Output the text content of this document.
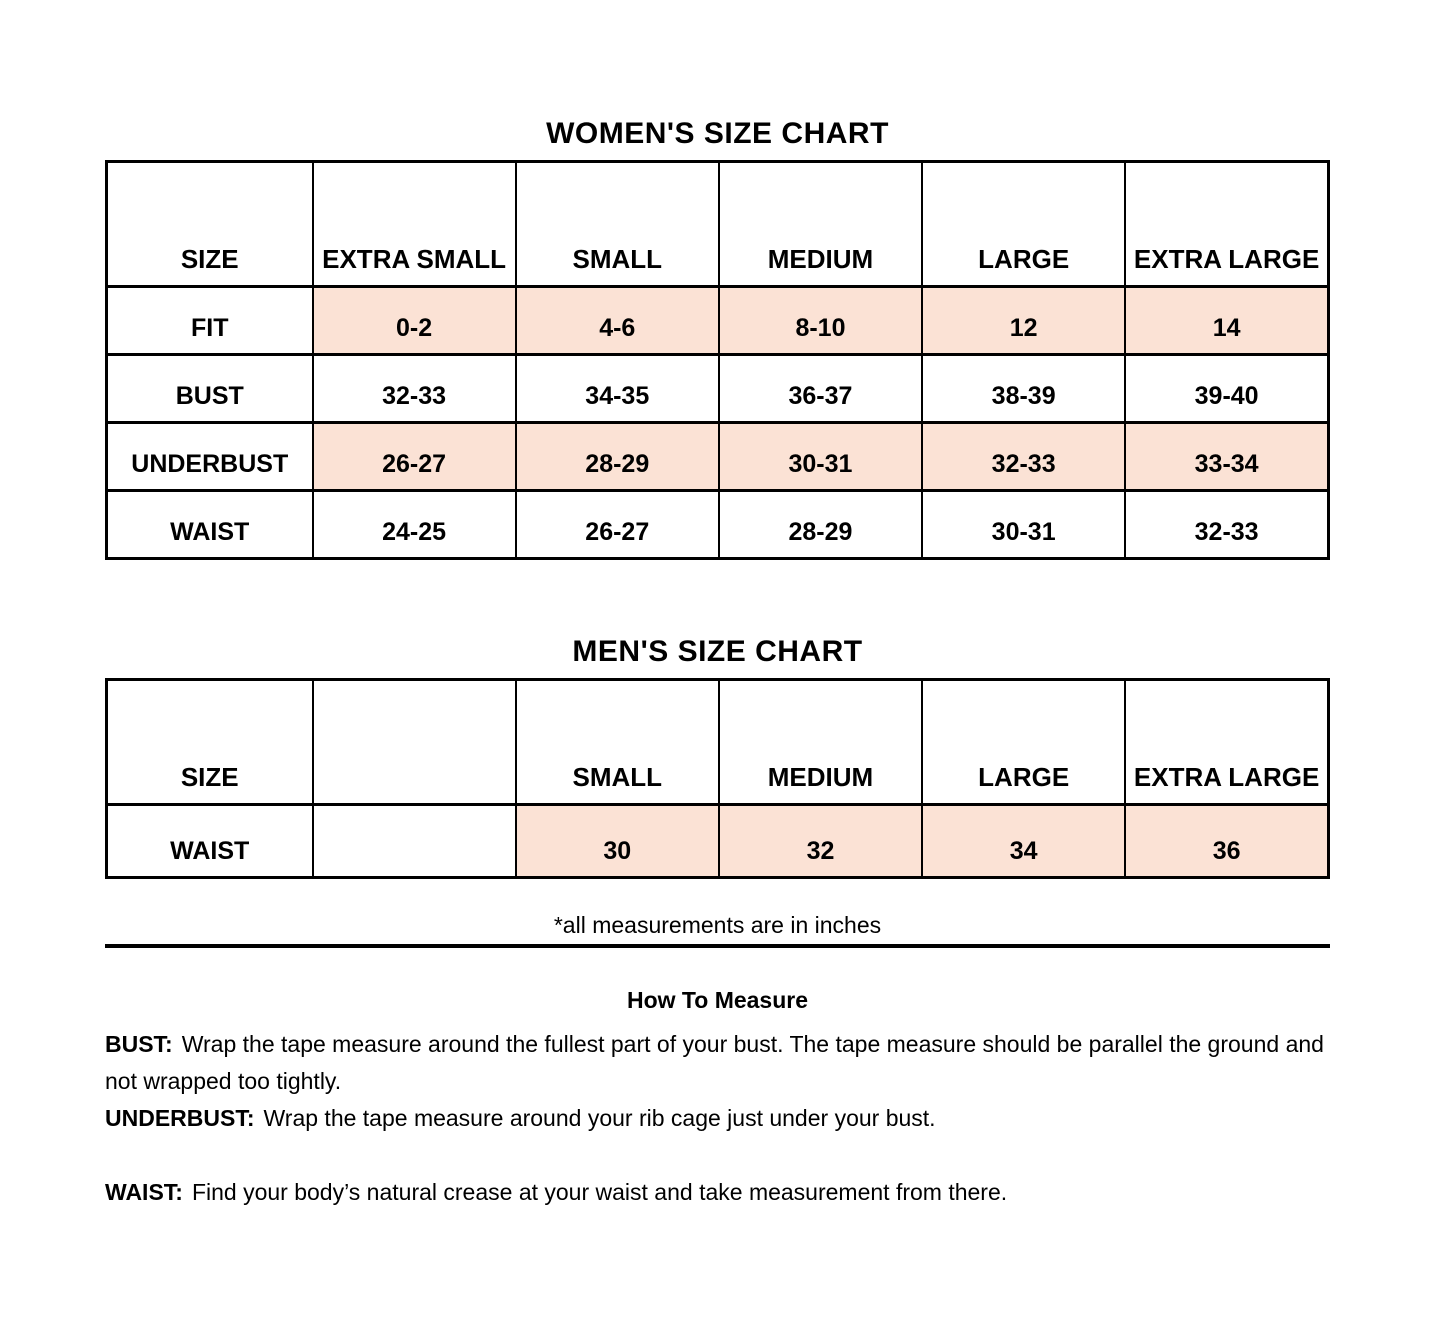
WOMEN'S SIZE CHART
SIZE	EXTRA SMALL	SMALL	MEDIUM	LARGE	EXTRA LARGE
FIT	0-2	4-6	8-10	12	14
BUST	32-33	34-35	36-37	38-39	39-40
UNDERBUST	26-27	28-29	30-31	32-33	33-34
WAIST	24-25	26-27	28-29	30-31	32-33
MEN'S SIZE CHART
SIZE		SMALL	MEDIUM	LARGE	EXTRA LARGE
WAIST		30	32	34	36
*all measurements are in inches
How To Measure
BUST: Wrap the tape measure around the fullest part of your bust. The tape measure should be parallel the ground and not wrapped too tightly.
UNDERBUST: Wrap the tape measure around your rib cage just under your bust.
WAIST: Find your body’s natural crease at your waist and take measurement from there.
